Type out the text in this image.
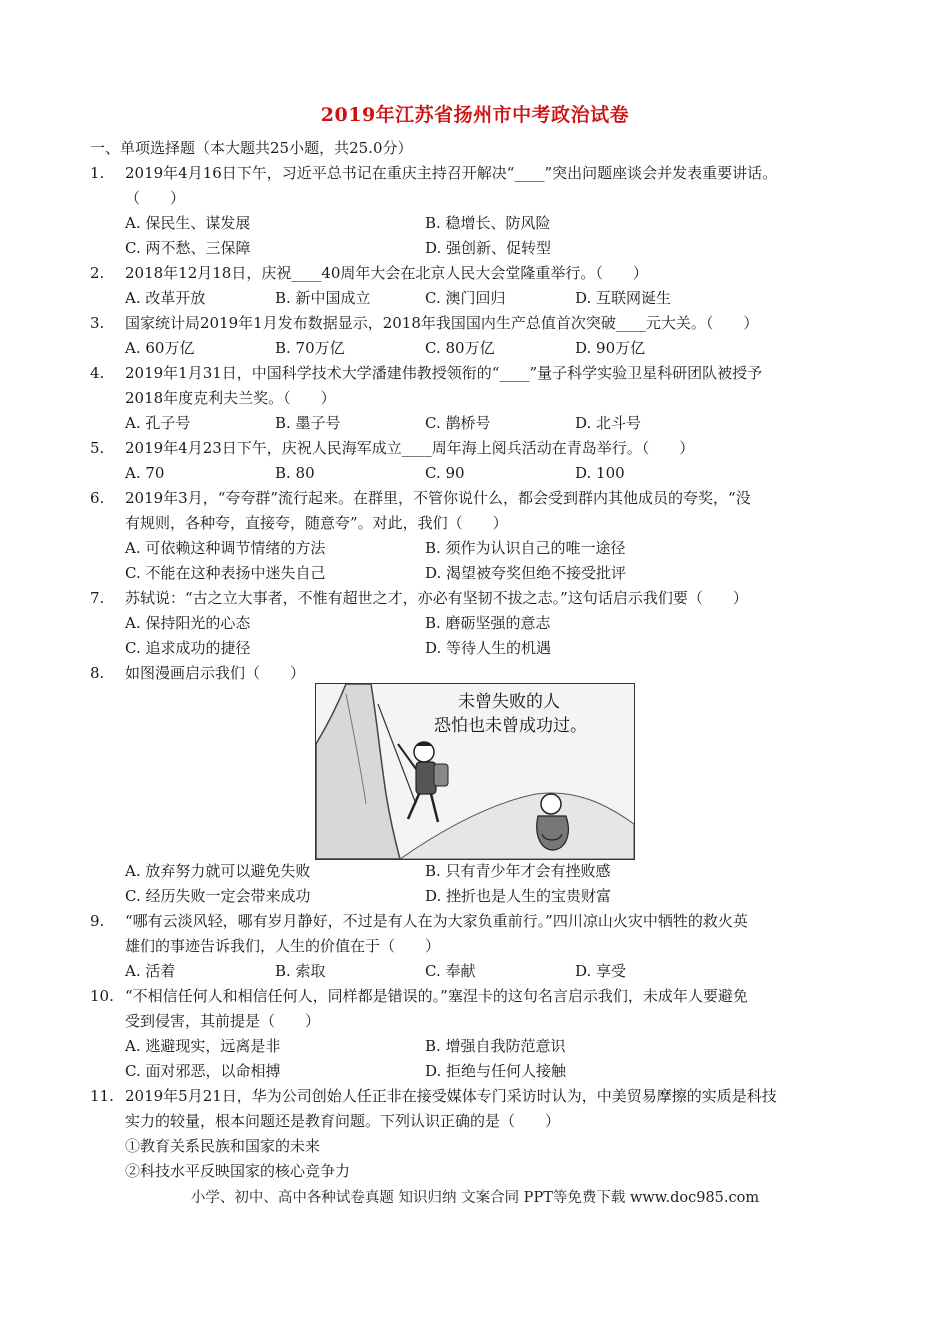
2019年江苏省扬州市中考政治试卷
一、单项选择题（本大题共25小题，共25.0分）
1. 2019年4月16日下午，习近平总书记在重庆主持召开解决“____”突出问题座谈会并发表重要讲话。
（　　）
A. 保民生、谋发展	B. 稳增长、防风险
C. 两不愁、三保障	D. 强创新、促转型
2. 2018年12月18日，庆祝____40周年大会在北京人民大会堂隆重举行。（　　）
A. 改革开放	B. 新中国成立	C. 澳门回归	D. 互联网诞生
3. 国家统计局2019年1月发布数据显示，2018年我国国内生产总值首次突破____元大关。（　　）
A. 60万亿	B. 70万亿	C. 80万亿	D. 90万亿
4. 2019年1月31日，中国科学技术大学潘建伟教授领衔的“____”量子科学实验卫星科研团队被授予
2018年度克利夫兰奖。（　　）
A. 孔子号	B. 墨子号	C. 鹊桥号	D. 北斗号
5. 2019年4月23日下午，庆祝人民海军成立____周年海上阅兵活动在青岛举行。（　　）
A. 70	B. 80	C. 90	D. 100
6. 2019年3月，“夸夸群”流行起来。在群里，不管你说什么，都会受到群内其他成员的夸奖，“没
有规则，各种夸，直接夸，随意夸”。对此，我们（　　）
A. 可依赖这种调节情绪的方法	B. 须作为认识自己的唯一途径
C. 不能在这种表扬中迷失自己	D. 渴望被夸奖但绝不接受批评
7. 苏轼说：“古之立大事者，不惟有超世之才，亦必有坚韧不拔之志。”这句话启示我们要（　　）
A. 保持阳光的心态	B. 磨砺坚强的意志
C. 追求成功的捷径	D. 等待人生的机遇
8. 如图漫画启示我们（　　）
未曾失败的人
恐怕也未曾成功过。
A. 放弃努力就可以避免失败	B. 只有青少年才会有挫败感
C. 经历失败一定会带来成功	D. 挫折也是人生的宝贵财富
9. “哪有云淡风轻，哪有岁月静好，不过是有人在为大家负重前行。”四川凉山火灾中牺牲的救火英
雄们的事迹告诉我们，人生的价值在于（　　）
A. 活着	B. 索取	C. 奉献	D. 享受
10. “不相信任何人和相信任何人，同样都是错误的。”塞涅卡的这句名言启示我们，未成年人要避免
受到侵害，其前提是（　　）
A. 逃避现实，远离是非	B. 增强自我防范意识
C. 面对邪恶，以命相搏	D. 拒绝与任何人接触
11. 2019年5月21日，华为公司创始人任正非在接受媒体专门采访时认为，中美贸易摩擦的实质是科技
实力的较量，根本问题还是教育问题。下列认识正确的是（　　）
①教育关系民族和国家的未来
②科技水平反映国家的核心竞争力
小学、初中、高中各种试卷真题 知识归纳 文案合同 PPT等免费下载 www.doc985.com
